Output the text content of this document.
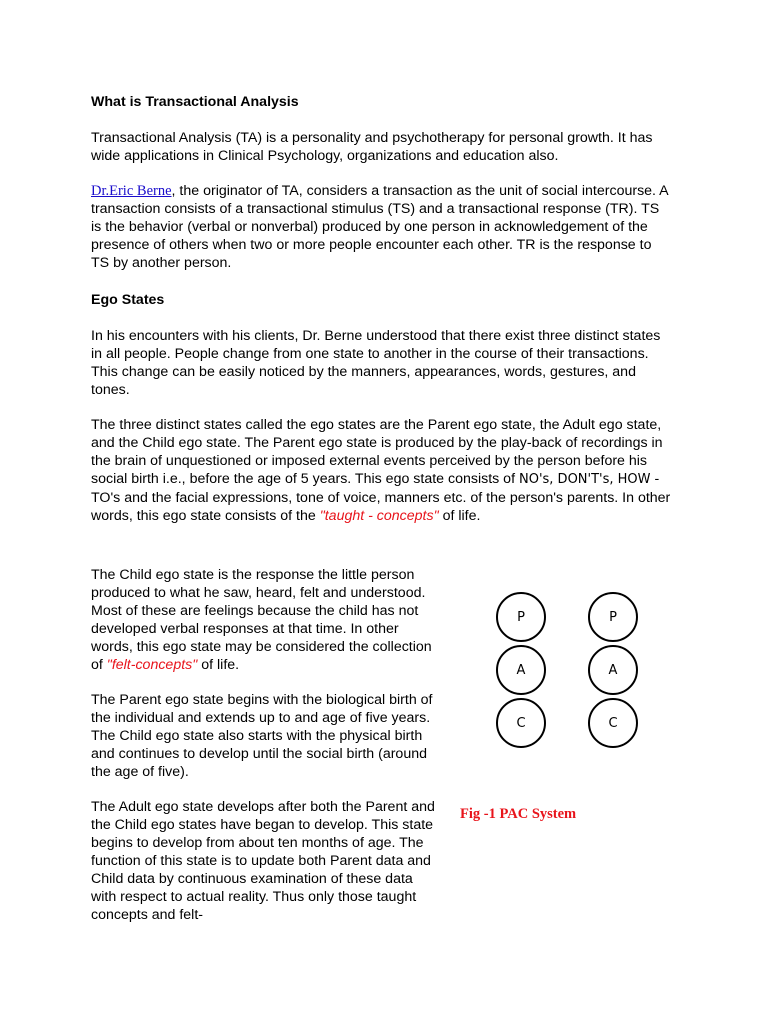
What is Transactional Analysis
Transactional Analysis (TA) is a personality and psychotherapy for personal growth. It has wide applications in Clinical Psychology, organizations and education also.
Dr.Eric Berne, the originator of TA, considers a transaction as the unit of social intercourse. A transaction consists of a transactional stimulus (TS) and a transactional response (TR). TS is the behavior (verbal or nonverbal) produced by one person in acknowledgement of the presence of others when two or more people encounter each other. TR is the response to TS by another person.
Ego States
In his encounters with his clients, Dr. Berne understood that there exist three distinct states in all people. People change from one state to another in the course of their transactions. This change can be easily noticed by the manners, appearances, words, gestures, and tones.
The three distinct states called the ego states are the Parent ego state, the Adult ego state, and the Child ego state. The Parent ego state is produced by the play-back of recordings in the brain of unquestioned or imposed external events perceived by the person before his social birth i.e., before the age of 5 years. This ego state consists of NO's, DON'T's, HOW -TO's and the facial expressions, tone of voice, manners etc. of the person's parents. In other words, this ego state consists of the "taught - concepts" of life.
The Child ego state is the response the little person produced to what he saw, heard, felt and understood. Most of these are feelings because the child has not developed verbal responses at that time. In other words, this ego state may be considered the collection of "felt-concepts" of life.
The Parent ego state begins with the biological birth of the individual and extends up to and age of five years. The Child ego state also starts with the physical birth and continues to develop until the social birth (around the age of five).
The Adult ego state develops after both the Parent and the Child ego states have began to develop. This state begins to develop from about ten months of age. The function of this state is to update both Parent data and Child data by continuous examination of these data with respect to actual reality. Thus only those taught concepts and felt-
P
A
C
P
A
C
Fig -1 PAC System
